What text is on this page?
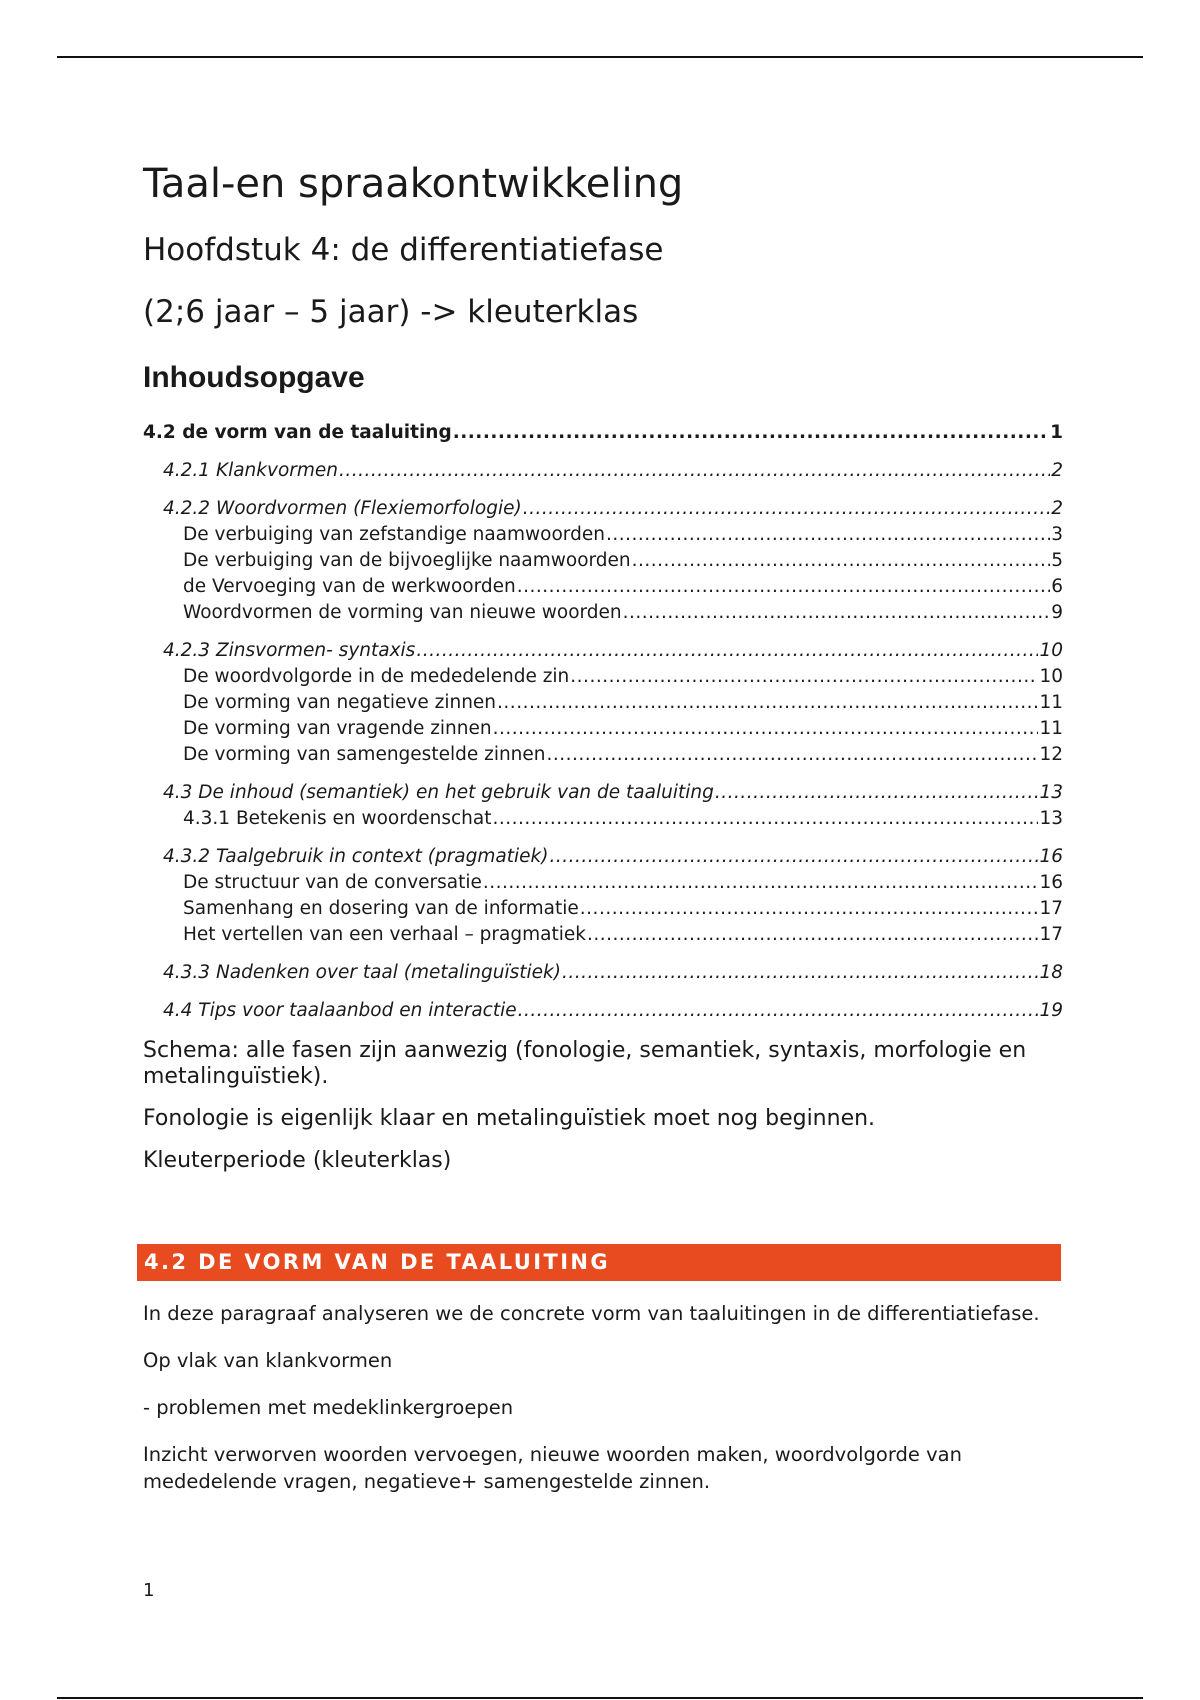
Taal-en spraakontwikkeling
Hoofdstuk 4: de differentiatiefase
(2;6 jaar – 5 jaar) -> kleuterklas
Inhoudsopgave
4.2 de vorm van de taaluiting .....	1
4.2.1 Klankvormen .....	2
4.2.2 Woordvormen (Flexiemorfologie) .....	2
De verbuiging van zefstandige naamwoorden .....	3
De verbuiging van de bijvoeglijke naamwoorden .....	5
de Vervoeging van de werkwoorden .....	6
Woordvormen de vorming van nieuwe woorden .....	9
4.2.3 Zinsvormen- syntaxis .....	10
De woordvolgorde in de mededelende zin .....	10
De vorming van negatieve zinnen .....	11
De vorming van vragende zinnen .....	11
De vorming van samengestelde zinnen .....	12
4.3 De inhoud (semantiek) en het gebruik van de taaluiting .....	13
4.3.1 Betekenis en woordenschat .....	13
4.3.2 Taalgebruik in context (pragmatiek) .....	16
De structuur van de conversatie .....	16
Samenhang en dosering van de informatie .....	17
Het vertellen van een verhaal – pragmatiek .....	17
4.3.3 Nadenken over taal (metalinguïstiek) .....	18
4.4 Tips voor taalaanbod en interactie .....	19

Schema: alle fasen zijn aanwezig (fonologie, semantiek, syntaxis, morfologie en metalinguïstiek).

Fonologie is eigenlijk klaar en metalinguïstiek moet nog beginnen.

Kleuterperiode (kleuterklas)

4.2 DE VORM VAN DE TAALUITING

In deze paragraaf analyseren we de concrete vorm van taaluitingen in de differentiatiefase.

Op vlak van klankvormen

- problemen met medeklinkergroepen

Inzicht verworven woorden vervoegen, nieuwe woorden maken, woordvolgorde van mededelende vragen, negatieve+ samengestelde zinnen.

1
